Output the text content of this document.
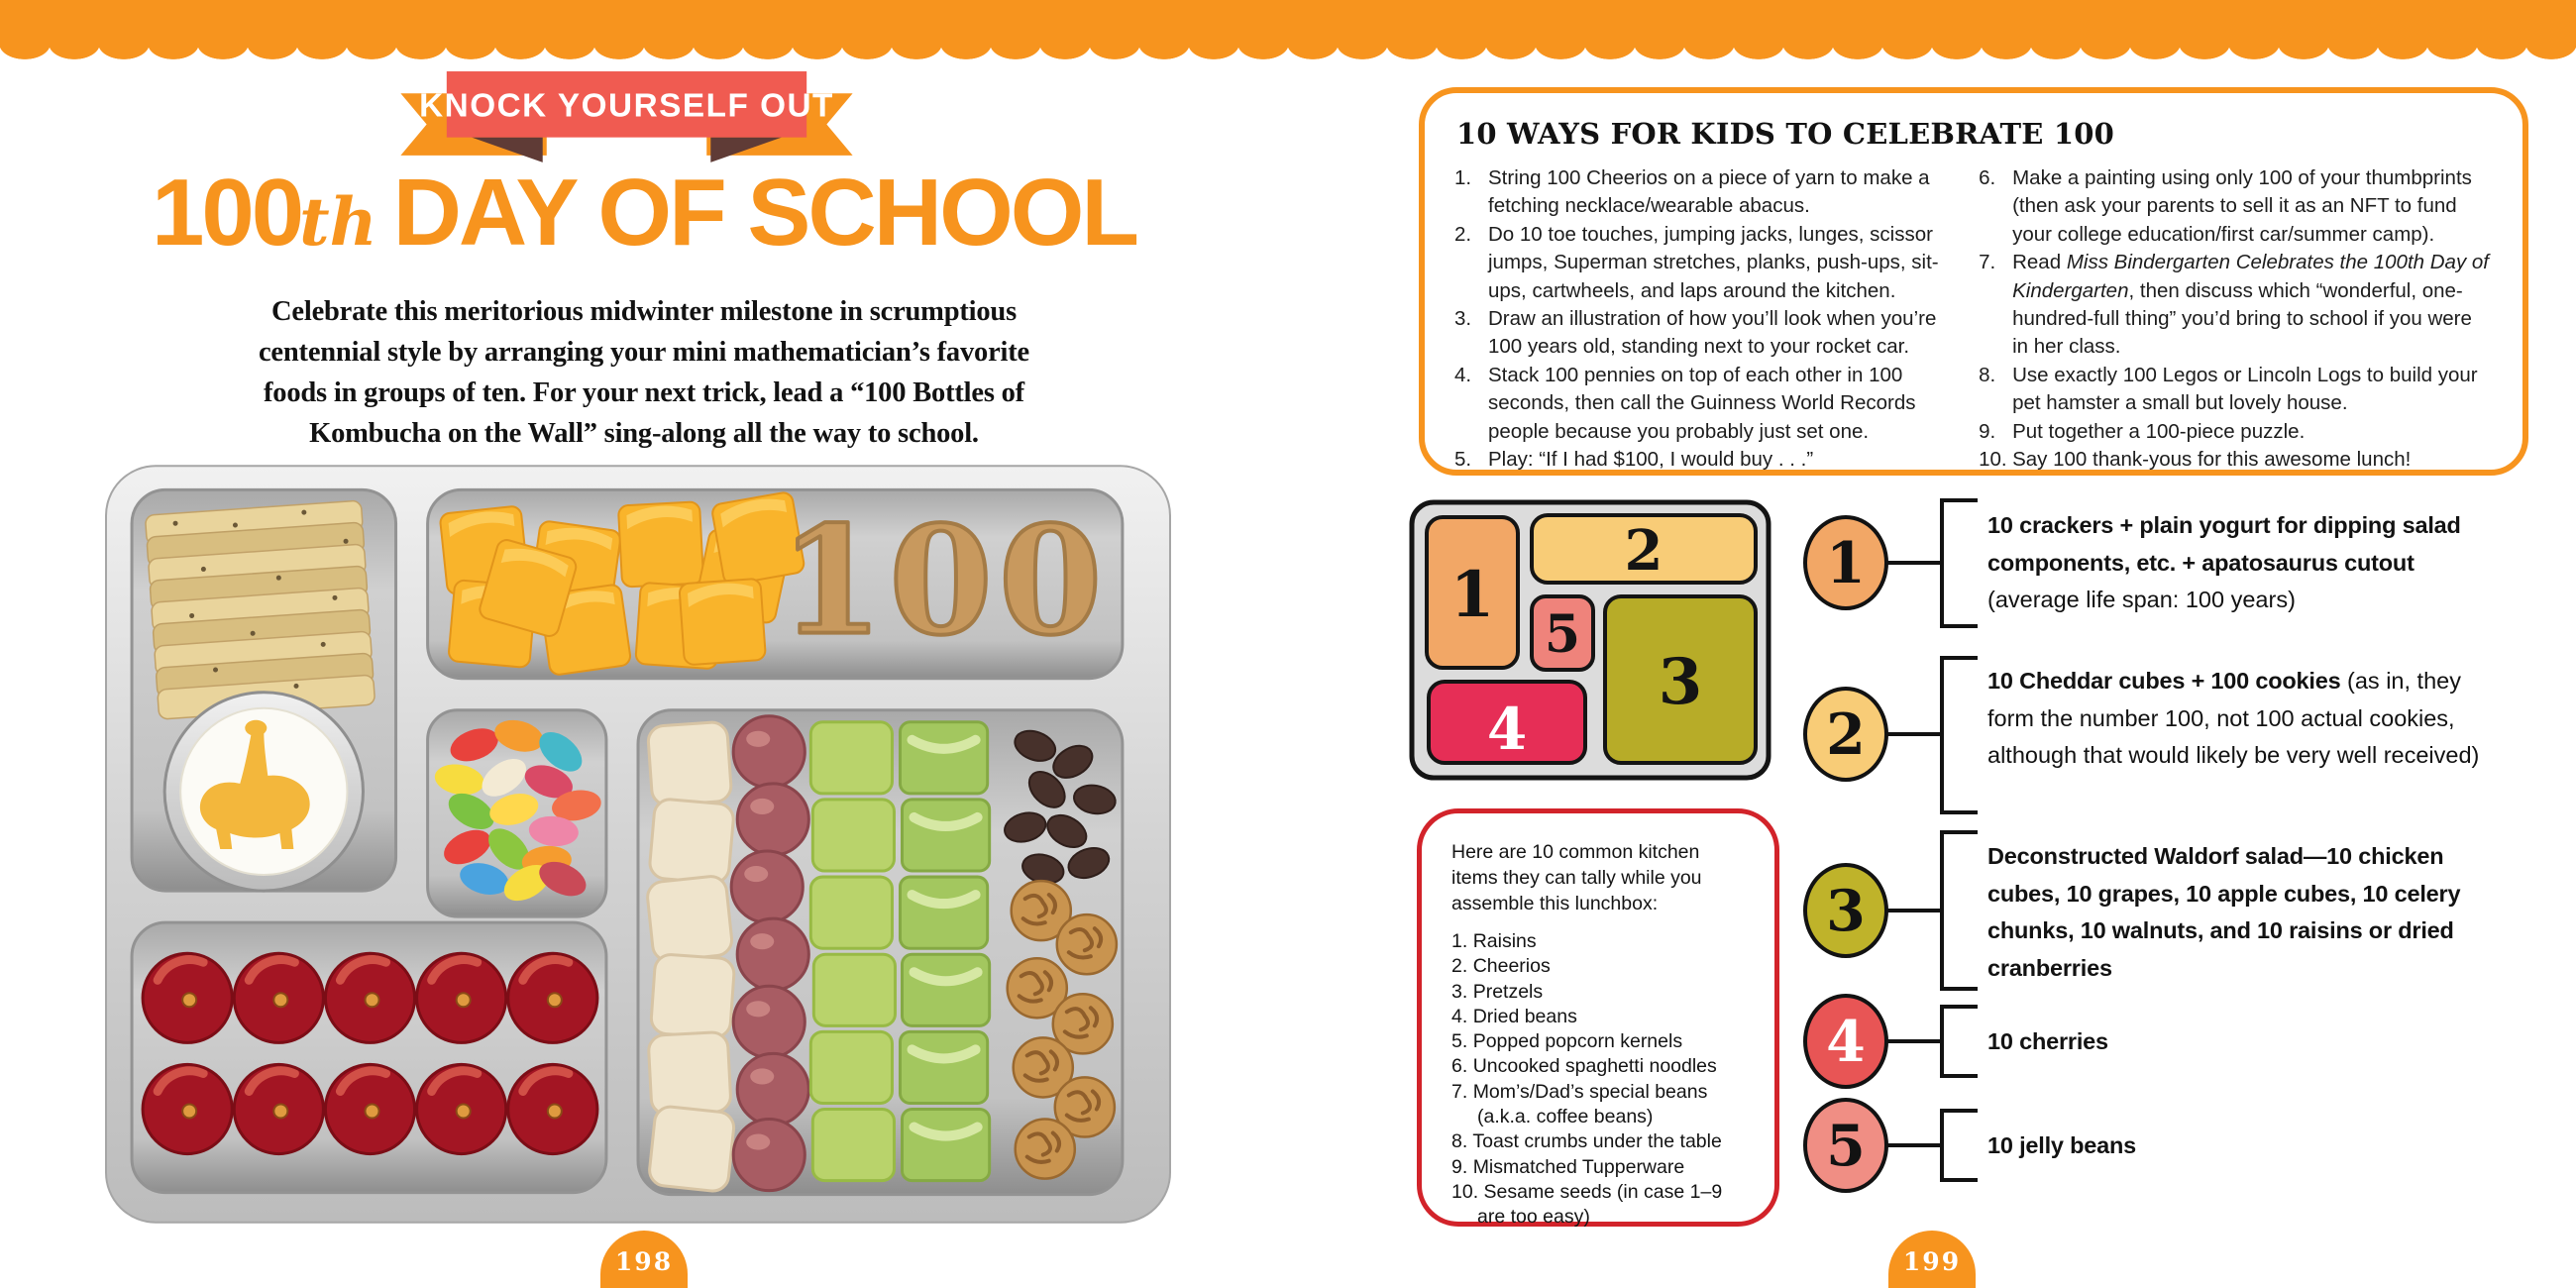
KNOCK YOURSELF OUT
100th DAY OF SCHOOL
Celebrate this meritorious midwinter milestone in scrumptious
centennial style by arranging your mini mathematician’s favorite
foods in groups of ten. For your next trick, lead a “100 Bottles of
Kombucha on the Wall” sing-along all the way to school.
100
198
10 WAYS FOR KIDS TO CELEBRATE 100
1. String 100 Cheerios on a piece of yarn to make a fetching necklace/wearable abacus.
2. Do 10 toe touches, jumping jacks, lunges, scissor jumps, Superman stretches, planks, push-ups, sit-ups, cartwheels, and laps around the kitchen.
3. Draw an illustration of how you’ll look when you’re 100 years old, standing next to your rocket car.
4. Stack 100 pennies on top of each other in 100 seconds, then call the Guinness World Records people because you probably just set one.
5. Play: “If I had $100, I would buy . . .”
6. Make a painting using only 100 of your thumbprints (then ask your parents to sell it as an NFT to fund your college education/first car/summer camp).
7. Read Miss Bindergarten Celebrates the 100th Day of Kindergarten, then discuss which “wonderful, one-hundred-full thing” you’d bring to school if you were in her class.
8. Use exactly 100 Legos or Lincoln Logs to build your pet hamster a small but lovely house.
9. Put together a 100-piece puzzle.
10. Say 100 thank-yous for this awesome lunch!
1
2
5
3
4

Here are 10 common kitchen items they can tally while you assemble this lunchbox:

1. Raisins
2. Cheerios
3. Pretzels
4. Dried beans
5. Popped popcorn kernels
6. Uncooked spaghetti noodles
7. Mom’s/Dad’s special beans (a.k.a. coffee beans)
8. Toast crumbs under the table
9. Mismatched Tupperware
10. Sesame seeds (in case 1–9 are too easy)
1
10 crackers + plain yogurt for dipping salad components, etc. + apatosaurus cutout (average life span: 100 years)
2
10 Cheddar cubes + 100 cookies (as in, they form the number 100, not 100 actual cookies, although that would likely be very well received)
3
Deconstructed Waldorf salad—10 chicken cubes, 10 grapes, 10 apple cubes, 10 celery chunks, 10 walnuts, and 10 raisins or dried cranberries
4	10 cherries
5	10 jelly beans
199
